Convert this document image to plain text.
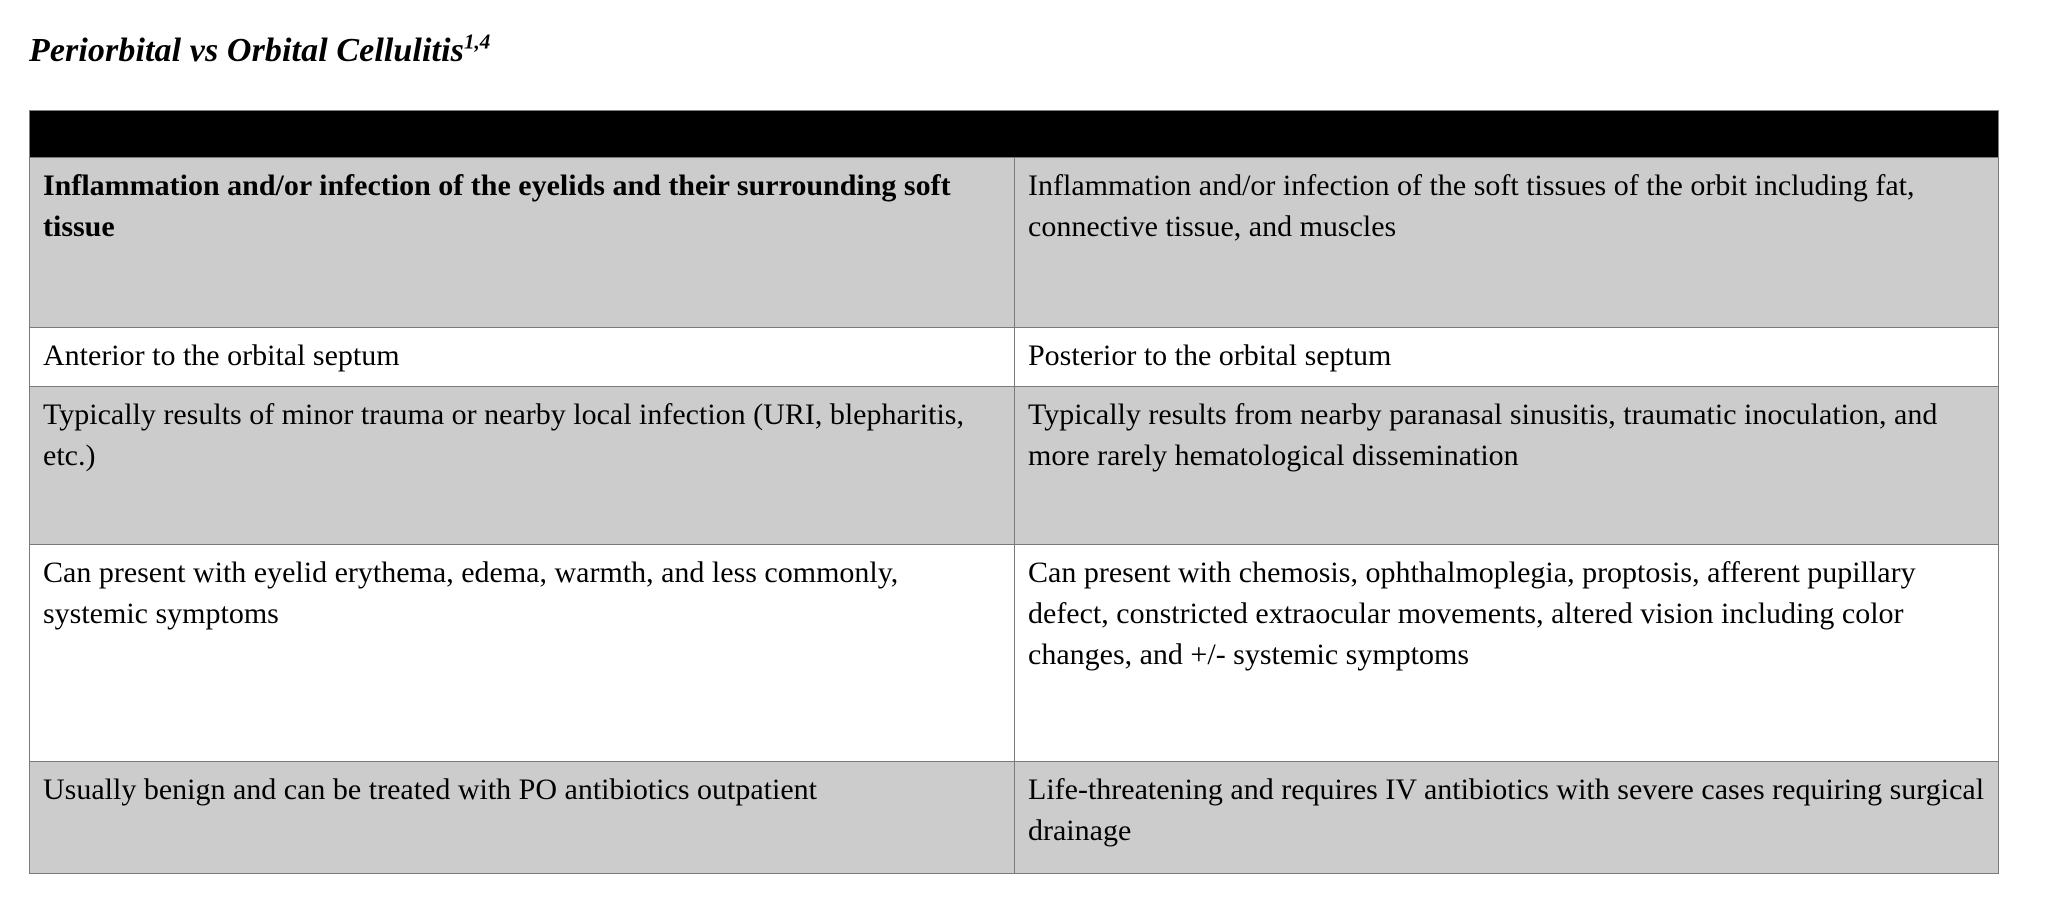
Periorbital vs Orbital Cellulitis$^{1,4}$

Inflammation and/or infection of the eyelids and their surrounding soft tissue	Inflammation and/or infection of the soft tissues of the orbit including fat, connective tissue, and muscles
Anterior to the orbital septum	Posterior to the orbital septum
Typically results of minor trauma or nearby local infection (URI, blepharitis, etc.)	Typically results from nearby paranasal sinusitis, traumatic inoculation, and more rarely hematological dissemination
Can present with eyelid erythema, edema, warmth, and less commonly, systemic symptoms	Can present with chemosis, ophthalmoplegia, proptosis, afferent pupillary defect, constricted extraocular movements, altered vision including color changes, and +/- systemic symptoms
Usually benign and can be treated with PO antibiotics outpatient	Life-threatening and requires IV antibiotics with severe cases requiring surgical drainage
